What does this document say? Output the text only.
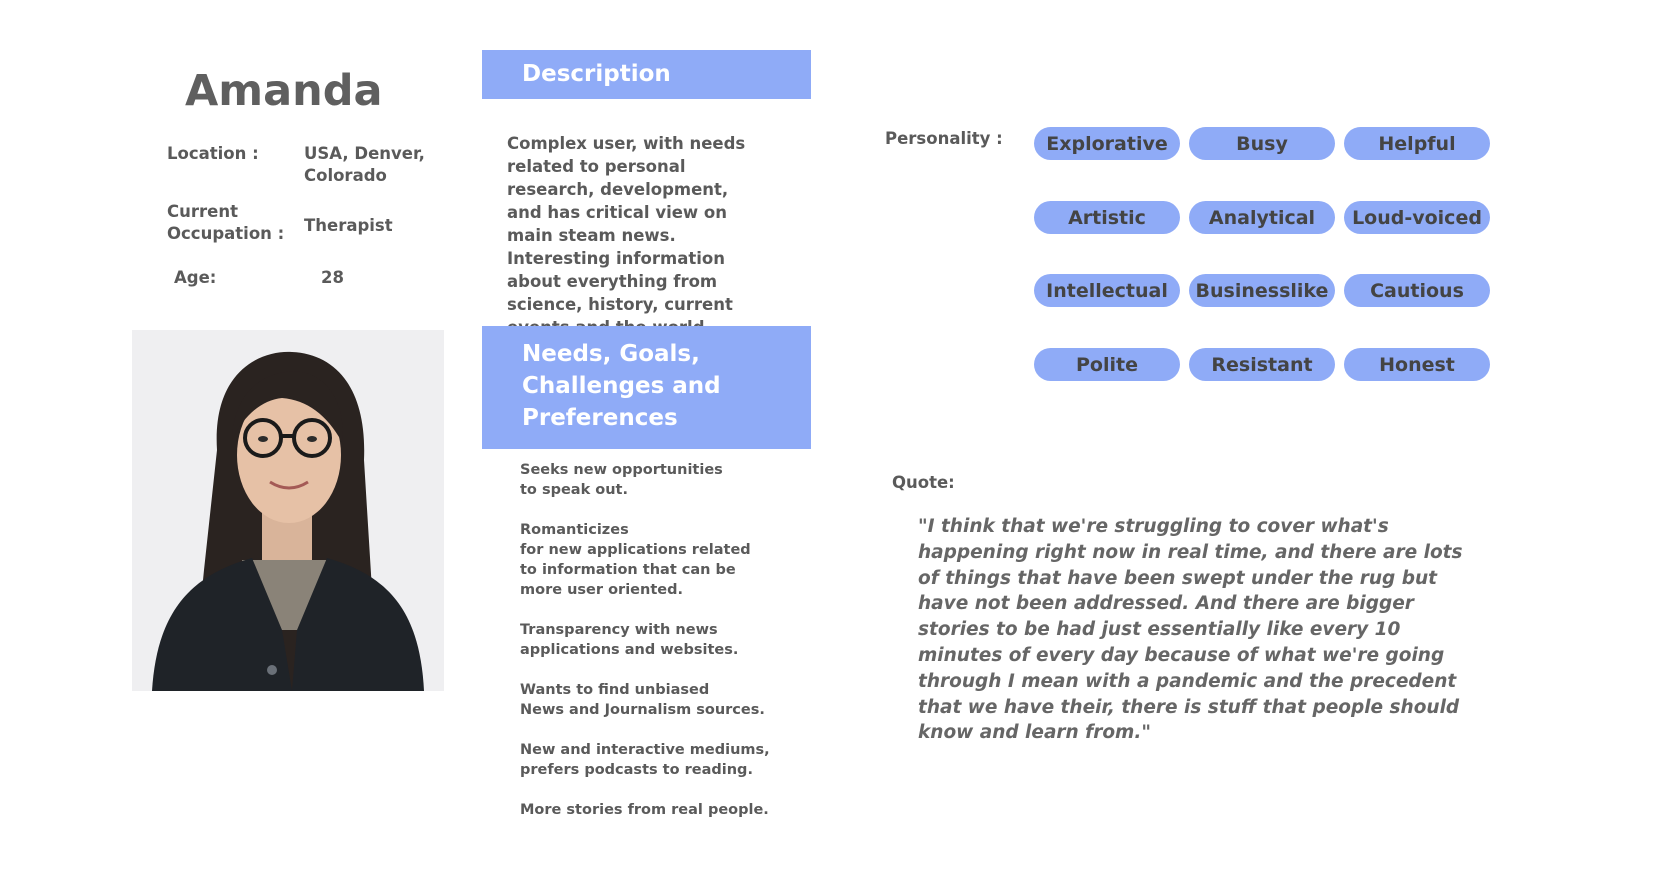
Amanda
Location :	USA, Denver, Colorado
Current Occupation : Therapist
Age:	28
Description
Complex user, with needs related to personal research, development, and has critical view on main steam news. Interesting information about everything from science, history, current
Needs, Goals, Challenges and Preferences
Seeks new opportunities
to speak out.
Romanticizes
for new applications related to information that can be more user oriented.
Transparency with news
applications and websites.
Wants to find unbiased
News and Journalism sources.
New and interactive mediums,
prefers podcasts to reading.
More stories from real people.
Personality :	Explorative	Busy	Helpful
Artistic	Analytical	Loud-voiced
Intellectual	Businesslike	Cautious
Polite	Resistant	Honest
Quote:
"I think that we're struggling to cover what's happening right now in real time, and there are lots of things that have been swept under the rug but have not been addressed. And there are bigger stories to be had just essentially like every 10 minutes of every day because of what we're going through I mean with a pandemic and the precedent that we have their, there is stuff that people should know and learn from."
